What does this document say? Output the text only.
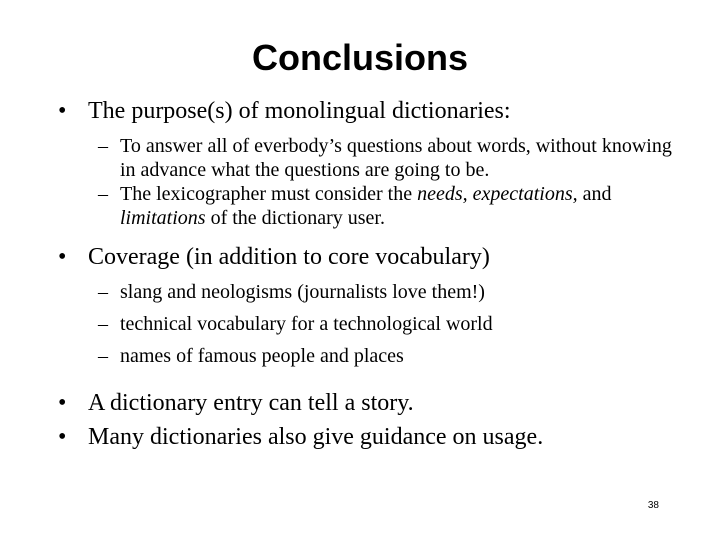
Conclusions
• The purpose(s) of monolingual dictionaries:
– To answer all of everbody’s questions about words, without knowing in advance what the questions are going to be.
– The lexicographer must consider the needs, expectations, and limitations of the dictionary user.
• Coverage (in addition to core vocabulary)
– slang and neologisms (journalists love them!)
– technical vocabulary for a technological world
– names of famous people and places
• A dictionary entry can tell a story.
• Many dictionaries also give guidance on usage.
38
